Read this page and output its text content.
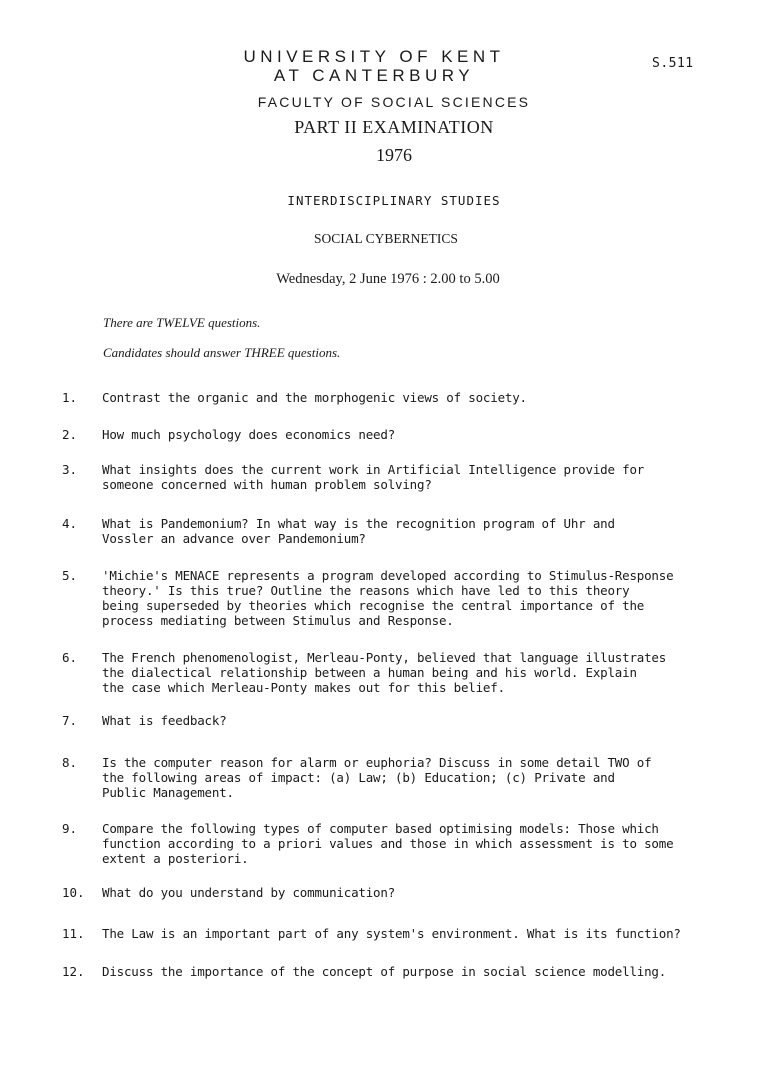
S.511
UNIVERSITY OF KENT
AT CANTERBURY
FACULTY OF SOCIAL SCIENCES
PART II EXAMINATION
1976
INTERDISCIPLINARY STUDIES
SOCIAL CYBERNETICS
Wednesday, 2 June 1976 : 2.00 to 5.00
There are TWELVE questions.
Candidates should answer THREE questions.
1.	Contrast the organic and the morphogenic views of society.
2.	How much psychology does economics need?
3.	What insights does the current work in Artificial Intelligence provide for
someone concerned with human problem solving?
4.	What is Pandemonium? In what way is the recognition program of Uhr and
Vossler an advance over Pandemonium?
5.	'Michie's MENACE represents a program developed according to Stimulus-Response
theory.' Is this true? Outline the reasons which have led to this theory
being superseded by theories which recognise the central importance of the
process mediating between Stimulus and Response.
6.	The French phenomenologist, Merleau-Ponty, believed that language illustrates
the dialectical relationship between a human being and his world. Explain
the case which Merleau-Ponty makes out for this belief.
7.	What is feedback?
8.	Is the computer reason for alarm or euphoria? Discuss in some detail TWO of
the following areas of impact: (a) Law; (b) Education; (c) Private and
Public Management.
9.	Compare the following types of computer based optimising models: Those which
function according to a priori values and those in which assessment is to some
extent a posteriori.
10.	What do you understand by communication?
11.	The Law is an important part of any system's environment. What is its function?
12.	Discuss the importance of the concept of purpose in social science modelling.
